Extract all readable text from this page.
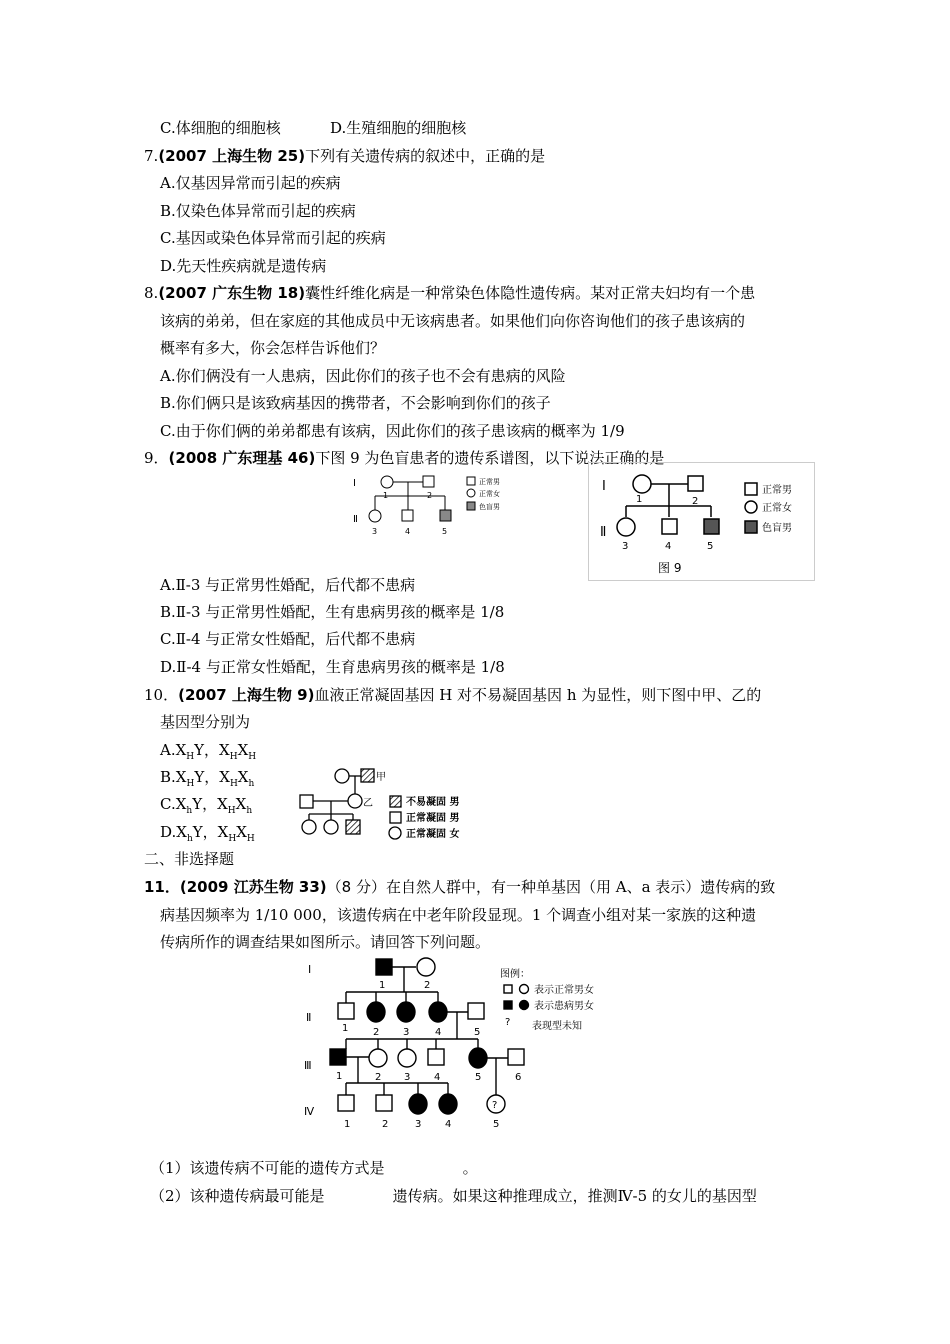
C.体细胞的细胞核	D.生殖细胞的细胞核
7.(2007 上海生物 25)下列有关遗传病的叙述中，正确的是
A.仅基因异常而引起的疾病
B.仅染色体异常而引起的疾病
C.基因或染色体异常而引起的疾病
D.先天性疾病就是遗传病
8.(2007 广东生物 18)囊性纤维化病是一种常染色体隐性遗传病。某对正常夫妇均有一个患
该病的弟弟，但在家庭的其他成员中无该病患者。如果他们向你咨询他们的孩子患该病的
概率有多大，你会怎样告诉他们？
A.你们俩没有一人患病，因此你们的孩子也不会有患病的风险
B.你们俩只是该致病基因的携带者，不会影响到你们的孩子
C.由于你们俩的弟弟都患有该病，因此你们的孩子患该病的概率为 1/9
9．(2008 广东理基 46)下图 9 为色盲患者的遗传系谱图，以下说法正确的是
Ⅰ
Ⅱ
1	2
3	4	5
正常男
正常女
色盲男
Ⅰ
Ⅱ
1	2
3	4	5
图 9
正常男
正常女
色盲男
A.Ⅱ-3 与正常男性婚配，后代都不患病
B.Ⅱ-3 与正常男性婚配，生有患病男孩的概率是 1/8
C.Ⅱ-4 与正常女性婚配，后代都不患病
D.Ⅱ-4 与正常女性婚配，生育患病男孩的概率是 1/8
10．(2007 上海生物 9)血液正常凝固基因 H 对不易凝固基因 h 为显性，则下图中甲、乙的
基因型分别为
$A.X_HY$，$X_HX_H$
$B.X_HY$，$X_HX_h$
$C.X_hY$，$X_HX_h$
$D.X_hY$，$X_HX_H$
甲
乙	不易凝固 男
正常凝固 男
正常凝固 女
二、非选择题
11．(2009 江苏生物 33)（8 分）在自然人群中，有一种单基因（用 A、a 表示）遗传病的致
病基因频率为 1/10 000，该遗传病在中老年阶段显现。1 个调查小组对某一家族的这种遗
传病所作的调查结果如图所示。请回答下列问题。
Ⅰ
Ⅱ
Ⅲ
Ⅳ
1	2
1 2 3	4	5
1	2 3 4	5	6
?
1	2	3 4	5
图例：
?
表示正常男女
表示患病男女
表现型未知
（1）该遗传病不可能的遗传方式是	。
（2）该种遗传病最可能是	遗传病。如果这种推理成立，推测Ⅳ-5 的女儿的基因型
